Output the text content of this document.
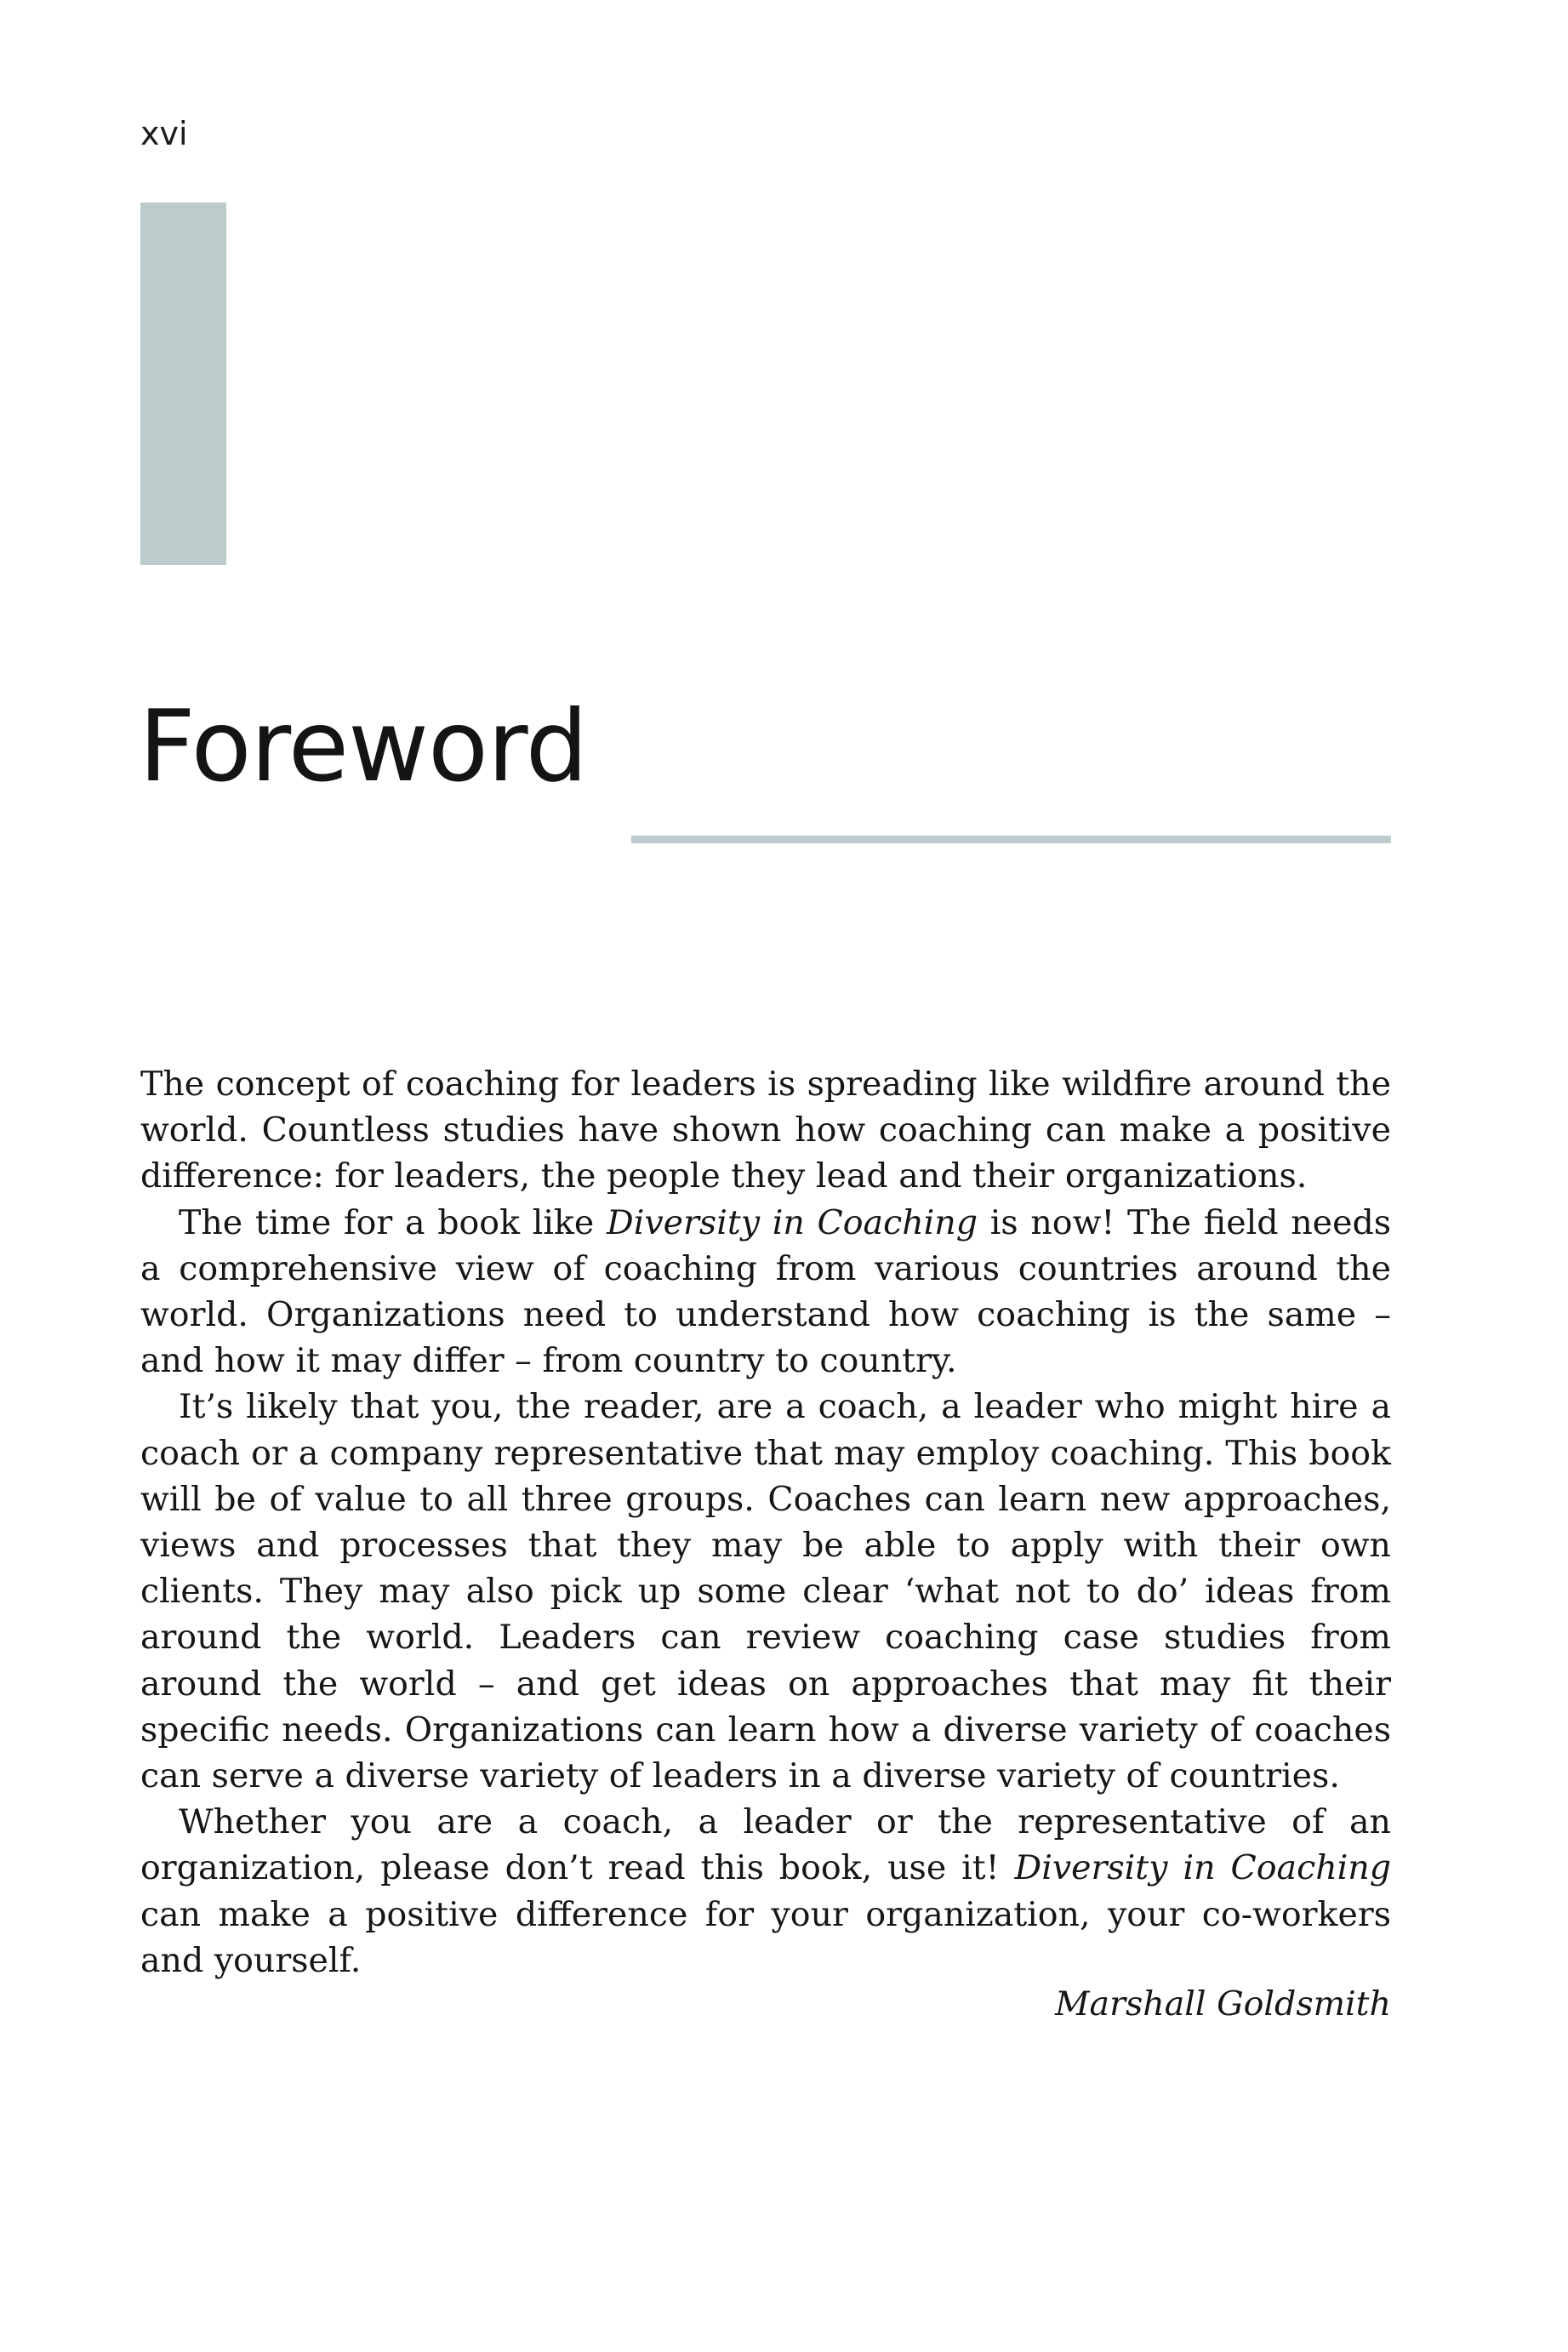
xvi
Foreword

The concept of coaching for leaders is spreading like wildfire around the world. Countless studies have shown how coaching can make a positive difference: for leaders, the people they lead and their organizations.

The time for a book like Diversity in Coaching is now! The field needs a comprehensive view of coaching from various countries around the world. Organizations need to understand how coaching is the same – and how it may differ – from country to country.

It’s likely that you, the reader, are a coach, a leader who might hire a coach or a company representative that may employ coaching. This book will be of value to all three groups. Coaches can learn new approaches, views and processes that they may be able to apply with their own clients. They may also pick up some clear ‘what not to do’ ideas from around the world. Leaders can review coaching case studies from around the world – and get ideas on approaches that may fit their specific needs. Organizations can learn how a diverse variety of coaches can serve a diverse variety of leaders in a diverse variety of countries.

Whether you are a coach, a leader or the representative of an organization, please don’t read this book, use it! Diversity in Coaching can make a positive difference for your organization, your co-workers and yourself.

Marshall Goldsmith
